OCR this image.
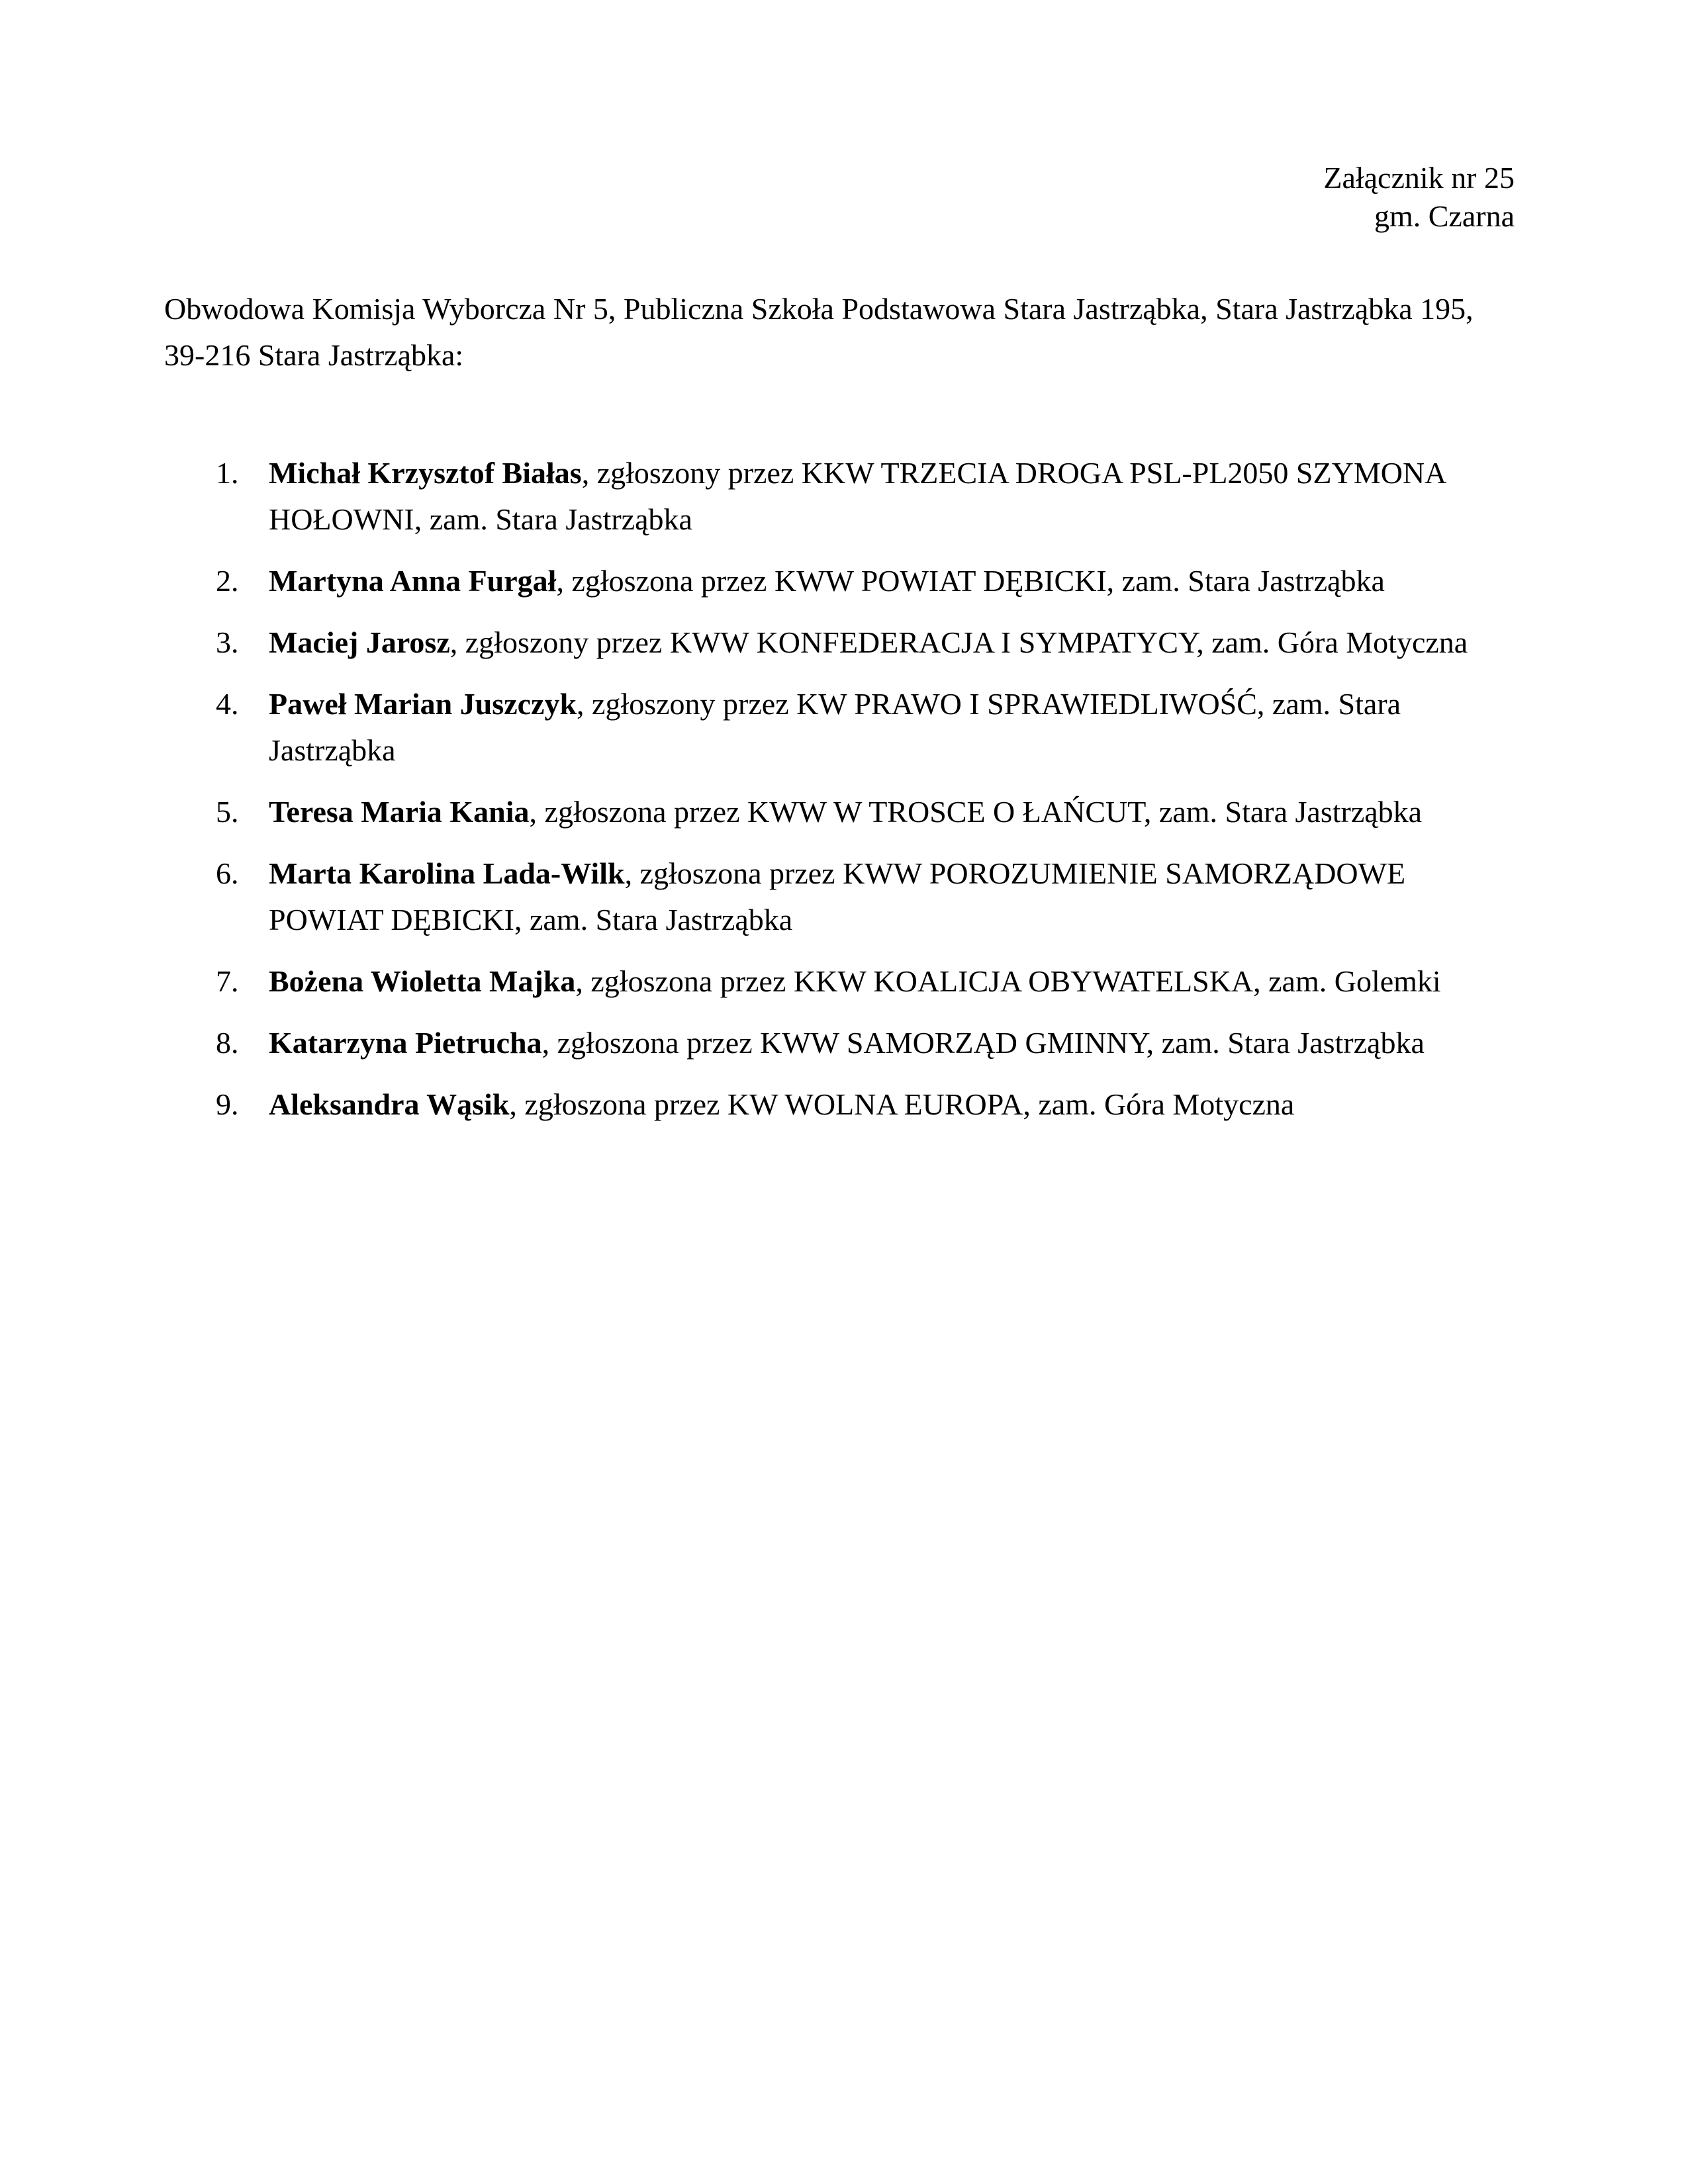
Załącznik nr 25
gm. Czarna
Obwodowa Komisja Wyborcza Nr 5, Publiczna Szkoła Podstawowa Stara Jastrząbka, Stara Jastrząbka 195, 39-216 Stara Jastrząbka:
1. Michał Krzysztof Białas, zgłoszony przez KKW TRZECIA DROGA PSL-PL2050 SZYMONA HOŁOWNI, zam. Stara Jastrząbka
2. Martyna Anna Furgał, zgłoszona przez KWW POWIAT DĘBICKI, zam. Stara Jastrząbka
3. Maciej Jarosz, zgłoszony przez KWW KONFEDERACJA I SYMPATYCY, zam. Góra Motyczna
4. Paweł Marian Juszczyk, zgłoszony przez KW PRAWO I SPRAWIEDLIWOŚĆ, zam. Stara Jastrząbka
5. Teresa Maria Kania, zgłoszona przez KWW W TROSCE O ŁAŃCUT, zam. Stara Jastrząbka
6. Marta Karolina Lada-Wilk, zgłoszona przez KWW POROZUMIENIE SAMORZĄDOWE POWIAT DĘBICKI, zam. Stara Jastrząbka
7. Bożena Wioletta Majka, zgłoszona przez KKW KOALICJA OBYWATELSKA, zam. Golemki
8. Katarzyna Pietrucha, zgłoszona przez KWW SAMORZĄD GMINNY, zam. Stara Jastrząbka
9. Aleksandra Wąsik, zgłoszona przez KW WOLNA EUROPA, zam. Góra Motyczna
